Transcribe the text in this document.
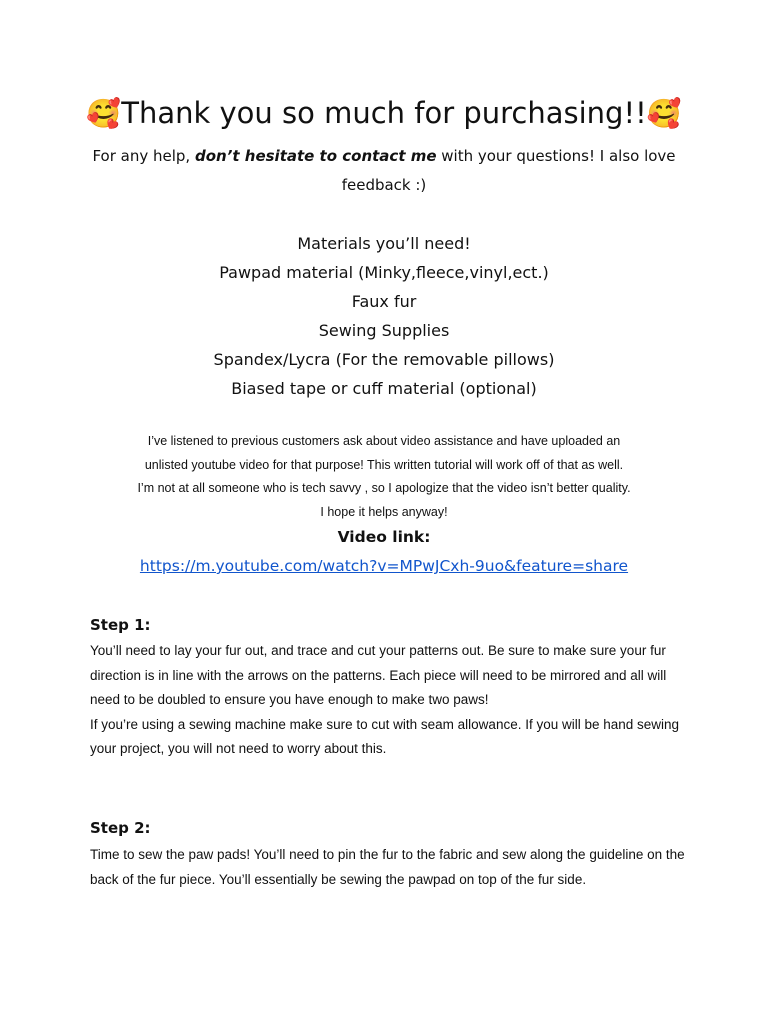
🥰Thank you so much for purchasing!!🥰
For any help, don’t hesitate to contact me with your questions! I also love feedback :)
Materials you’ll need!
Pawpad material (Minky,fleece,vinyl,ect.)
Faux fur
Sewing Supplies
Spandex/Lycra (For the removable pillows)
Biased tape or cuff material (optional)
I’ve listened to previous customers ask about video assistance and have uploaded an
unlisted youtube video for that purpose! This written tutorial will work off of that as well.
I’m not at all someone who is tech savvy , so I apologize that the video isn’t better quality.
I hope it helps anyway!
Video link:
https://m.youtube.com/watch?v=MPwJCxh-9uo&feature=share
Step 1:

You’ll need to lay your fur out, and trace and cut your patterns out. Be sure to make sure your fur direction is in line with the arrows on the patterns. Each piece will need to be mirrored and all will need to be doubled to ensure you have enough to make two paws!

If you’re using a sewing machine make sure to cut with seam allowance. If you will be hand sewing your project, you will not need to worry about this.

Step 2:

Time to sew the paw pads! You’ll need to pin the fur to the fabric and sew along the guideline on the back of the fur piece. You’ll essentially be sewing the pawpad on top of the fur side.
